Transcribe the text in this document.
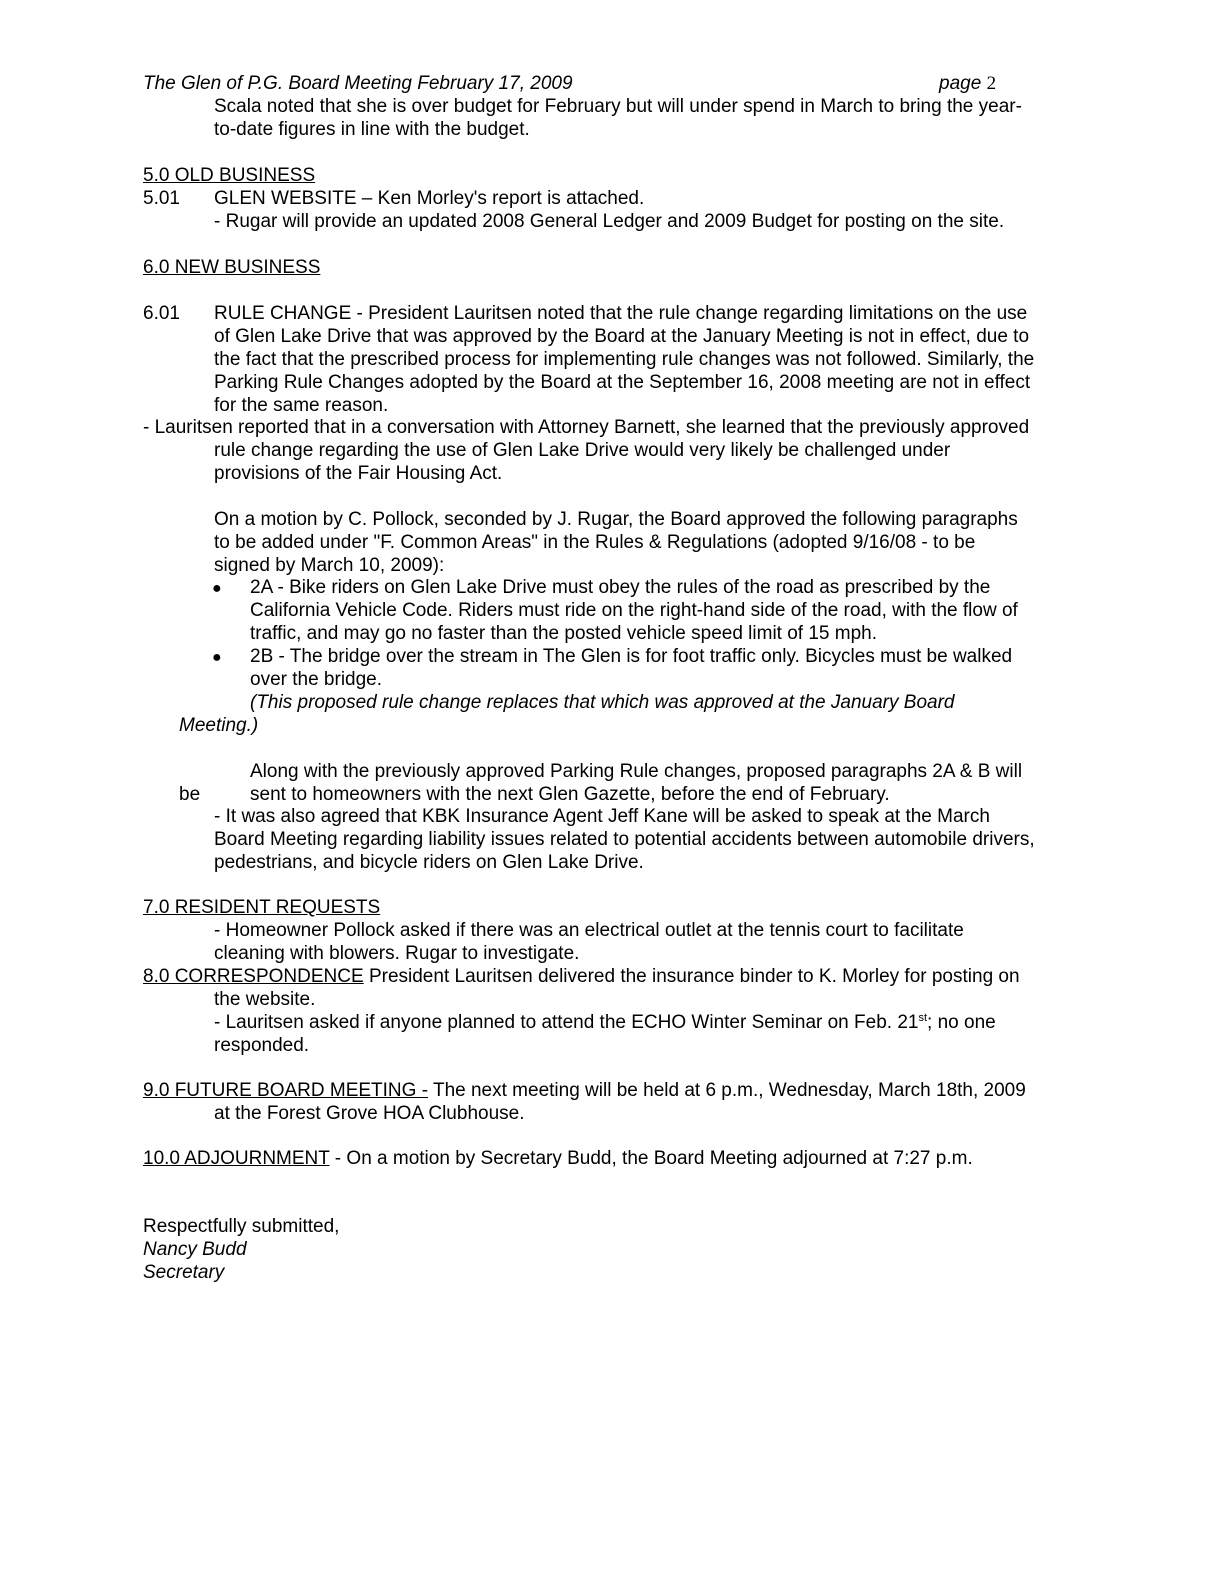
The Glen of P.G. Board Meeting February 17, 2009	page 2
Scala noted that she is over budget for February but will under spend in March to bring the year-
to-date figures in line with the budget.
5.0 OLD BUSINESS
5.01 GLEN WEBSITE – Ken Morley's report is attached.
- Rugar will provide an updated 2008 General Ledger and 2009 Budget for posting on the site.
6.0 NEW BUSINESS
6.01 RULE CHANGE - President Lauritsen noted that the rule change regarding limitations on the use
of Glen Lake Drive that was approved by the Board at the January Meeting is not in effect, due to
the fact that the prescribed process for implementing rule changes was not followed. Similarly, the
Parking Rule Changes adopted by the Board at the September 16, 2008 meeting are not in effect
for the same reason.
- Lauritsen reported that in a conversation with Attorney Barnett, she learned that the previously approved
rule change regarding the use of Glen Lake Drive would very likely be challenged under
provisions of the Fair Housing Act.
On a motion by C. Pollock, seconded by J. Rugar, the Board approved the following paragraphs
to be added under "F. Common Areas" in the Rules & Regulations (adopted 9/16/08 - to be
signed by March 10, 2009):
● 2A - Bike riders on Glen Lake Drive must obey the rules of the road as prescribed by the
California Vehicle Code. Riders must ride on the right-hand side of the road, with the flow of
traffic, and may go no faster than the posted vehicle speed limit of 15 mph.
● 2B - The bridge over the stream in The Glen is for foot traffic only. Bicycles must be walked
over the bridge.
(This proposed rule change replaces that which was approved at the January Board
Meeting.)
Along with the previously approved Parking Rule changes, proposed paragraphs 2A & B will
be	sent to homeowners with the next Glen Gazette, before the end of February.
- It was also agreed that KBK Insurance Agent Jeff Kane will be asked to speak at the March
Board Meeting regarding liability issues related to potential accidents between automobile drivers,
pedestrians, and bicycle riders on Glen Lake Drive.
7.0 RESIDENT REQUESTS
- Homeowner Pollock asked if there was an electrical outlet at the tennis court to facilitate
cleaning with blowers. Rugar to investigate.
8.0 CORRESPONDENCE President Lauritsen delivered the insurance binder to K. Morley for posting on
the website.
- Lauritsen asked if anyone planned to attend the ECHO Winter Seminar on Feb. 21st; no one
responded.
9.0 FUTURE BOARD MEETING - The next meeting will be held at 6 p.m., Wednesday, March 18th, 2009
at the Forest Grove HOA Clubhouse.
10.0 ADJOURNMENT - On a motion by Secretary Budd, the Board Meeting adjourned at 7:27 p.m.
Respectfully submitted,
Nancy Budd
Secretary
